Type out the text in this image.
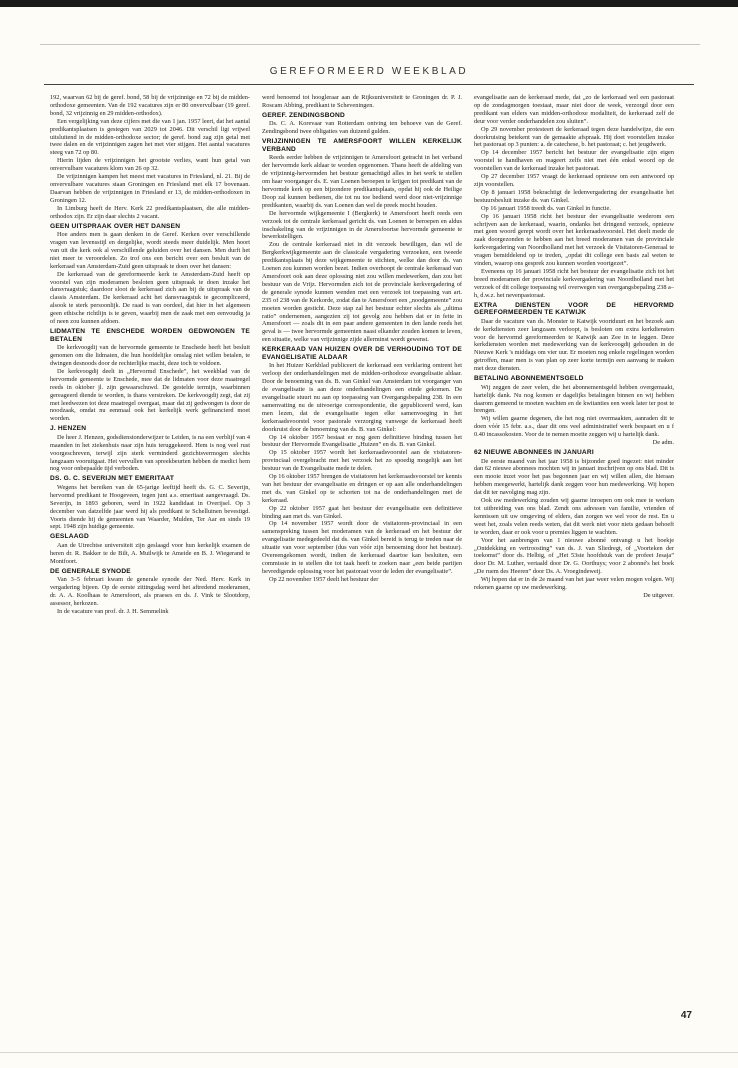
GEREFORMEERD WEEKBLAD

192, waarvan 62 bij de geref. bond, 58 bij de vrijzinnige en 72 bij de midden-orthodoxe gemeenten. Van de 192 vacatures zijn er 80 onvervulbaar (19 geref. bond, 32 vrijzinnig en 29 midden-orthodox).

Een vergelijking van deze cijfers met die van 1 jan. 1957 leert, dat het aantal predikantsplaatsen is gestegen van 2029 tot 2046. Dit verschil ligt vrijwel uitsluitend in de midden-orthodoxe sector; de geref. bond zag zijn getal met twee dalen en de vrijzinnigen zagen het met vier stijgen. Het aantal vacatures steeg van 72 op 80.

Hierin lijden de vrijzinnigen het grootste verlies, want hun getal van onvervulbare vacatures klom van 26 op 32.

De vrijzinnigen kampen het meest met vacatures in Friesland, nl. 21. Bij de onvervulbare vacatures staan Groningen en Friesland met elk 17 bovenaan. Daarvan hebben de vrijzinnigen in Friesland er 13, de midden-orthodoxen in Groningen 12.

In Limburg heeft de Herv. Kerk 22 predikantsplaatsen, die alle midden-orthodox zijn. Er zijn daar slechts 2 vacant.

GEEN UITSPRAAK OVER HET DANSEN

Hoe anders men is gaan denken in de Geref. Kerken over verschillende vragen van levensstijl en dergelijke, wordt steeds meer duidelijk. Men hoort van uit die kerk ook al verschillende geluiden over het dansen. Men durft het niet meer te veroordelen. Zo trof ons een bericht over een besluit van de kerkeraad van Amsterdam-Zuid geen uitspraak te doen over het dansen:

De kerkeraad van de gereformeerde kerk te Amsterdam-Zuid heeft op voorstel van zijn moderamen besloten geen uitspraak te doen inzake het dansvraagstuk; daardoor sloot de kerkeraad zich aan bij de uitspraak van de classis Amsterdam. De kerkeraad acht het dansvraagstuk te gecompliceerd, alsook te sterk persoonlijk. De raad is van oordeel, dat hier in het algemeen geen ethische richtlijn is te geven, waarbij men de zaak met een eenvoudig ja of neen zou kunnen afdoen.

LIDMATEN TE ENSCHEDE WORDEN GEDWONGEN TE BETALEN

De kerkvoogdij van de hervormde gemeente te Enschede heeft het besluit genomen om die lidmaten, die hun hoofdelijke omslag niet willen betalen, te dwingen desnoods door de rechterlijke macht, deze toch te voldoen.

De kerkvoogdij deelt in „Hervormd Enschede”, het weekblad van de hervormde gemeente te Enschede, mee dat de lidmaten voor deze maatregel reeds in oktober jl. zijn gewaarschuwd. De gestelde termijn, waarbinnen gereageerd diende te worden, is thans verstreken. De kerkvoogdij zegt, dat zij met leedwezen tot deze maatregel overgaat, maar dat zij gedwongen is door de noodzaak, omdat nu eenmaal ook het kerkelijk werk gefinancierd moet worden.

J. HENZEN

De heer J. Henzen, godsdienstonderwijzer te Leiden, is na een verblijf van 4 maanden in het ziekenhuis naar zijn huis teruggekeerd. Hem is nog veel rust voorgeschreven, terwijl zijn sterk verminderd gezichtsvermogen slechts langzaam vooruitgaat. Het vervullen van spreekbeurten hebben de medici hem nog voor onbepaalde tijd verboden.

DS. G. C. SEVERIJN MET EMERITAAT

Wegens het bereiken van de 65-jarige leeftijd heeft ds. G. C. Severijn, hervormd predikant te Hoogeveen, tegen juni a.s. emeritaat aangevraagd. Ds. Severijn, in 1893 geboren, werd in 1922 kandidaat in Overijsel. Op 3 december van datzelfde jaar werd hij als predikant te Schelluinen bevestigd. Voorts diende hij de gemeenten van Waarder, Mulden, Ter Aar en sinds 19 sept. 1948 zijn huidige gemeente.

GESLAAGD

Aan de Utrechtse universiteit zijn geslaagd voor hun kerkelijk examen de heren dr. R. Bakker te de Bilt, A. Muilwijk te Ameide en B. J. Wiegerand te Montfoort.

DE GENERALE SYNODE

Van 3–5 februari kwam de generale synode der Ned. Herv. Kerk in vergadering bijeen. Op de eerste zittingsdag werd het aftredend moderamen, dr. A. A. Koolhaas te Amersfoort, als praeses en ds. J. Vink te Slootdorp, assessor, herkozen.

In de vacature van prof. dr. J. H. Semmelink

werd benoemd tot hoogleraar aan de Rijksuniversiteit te Groningen dr. P. J. Roscam Abbing, predikant te Scheveningen.

GEREF. ZENDINGSBOND

Ds. C. A. Korevaar van Rotterdam ontving ten behoeve van de Geref. Zendingsbond twee obligaties van duizend gulden.

VRIJZINNIGEN TE AMERSFOORT WILLEN KERKELIJK VERBAND

Reeds eerder hebben de vrijzinnigen te Amersfoort getracht in het verband der hervormde kerk aldaar te worden opgenomen. Thans heeft de afdeling van de vrijzinnig-hervormden het bestuur gemachtigd alles in het werk te stellen om haar voorganger ds. E. van Loenen beroepen te krijgen tot predikant van de hervormde kerk op een bijzondere predikantsplaats, opdat hij ook de Heilige Doop zal kunnen bedienen, die tot nu toe bediend werd door niet-vrijzinnige predikanten, waarbij ds. van Loenen dan wel de preek mocht houden.

De hervormde wijkgemeente I (Bergkerk) te Amersfoort heeft reeds een verzoek tot de centrale kerkeraad gericht ds. van Loenen te beroepen en aldus inschakeling van de vrijzinnigen in de Amersfoortse hervormde gemeente te bewerkstelligen.

Zou de centrale kerkeraad niet in dit verzoek bewilligen, dan wil de Bergkerkwijkgemeente aan de classicale vergadering verzoeken, een tweede predikantsplaats bij deze wijkgemeente te stichten, welke dan door ds. van Loenen zou kunnen worden bezet. Indien overhoopt de centrale kerkeraad van Amersfoort ook aan deze oplossing niet zou willen medewerken, dan zou het bestuur van de Vrijz. Hervormden zich tot de provinciale kerkvergadering of de generale synode kunnen wenden met een verzoek tot toepassing van art. 235 of 238 van de Kerkorde, zodat dan te Amersfoort een „noodgemeente” zou moeten worden gesticht. Deze stap zal het bestuur echter slechts als „ultima ratio” ondernemen, aangezien zij tot gevolg zou hebben dat er in feite in Amersfoort — zoals dit in een paar andere gemeenten in den lande reeds het geval is — twee hervormde gemeenten naast elkander zouden komen te leven, een situatie, welke van vrijzinnige zijde allerminst wordt gewenst.

KERKERAAD VAN HUIZEN OVER DE VERHOUDING TOT DE EVANGELISATIE ALDAAR

In het Huizer Kerkblad publiceert de kerkeraad een verklaring omtrent het verloop der onderhandelingen met de midden-orthodoxe evangelisatie aldaar. Door de benoeming van ds. B. van Ginkel van Amsterdam tot voorganger van de evangelisatie is aan deze onderhandelingen een einde gekomen. De evangelisatie stuurt nu aan op toepassing van Overgangsbepaling 238. In een samenvatting nu de uitvoerige correspondentie, die gepubliceerd werd, kan men lezen, dat de evangelisatie tegen elke samenvoeging in het kerkeraadsvoorstel voor pastorale verzorging vanwege de kerkeraad heeft doorkruist door de benoeming van ds. B. van Ginkel:

Op 14 oktober 1957 bestaat er nog geen definitieve binding tussen het bestuur der Hervormde Evangelisatie „Huizen” en ds. B. van Ginkel.

Op 15 oktober 1957 wordt het kerkeraadsvoorstel aan de visitatoren-provinciaal overgebracht met het verzoek het zo spoedig mogelijk aan het bestuur van de Evangelisatie mede te delen.

Op 16 oktober 1957 brengen de visitatoren het kerkeraadsvoorstel ter kennis van het bestuur der evangelisatie en dringen er op aan alle onderhandelingen met ds. van Ginkel op te schorten tot na de onderhandelingen met de kerkeraad.

Op 22 oktober 1957 gaat het bestuur der evangelisatie een definitieve binding aan met ds. van Ginkel.

Op 14 november 1957 wordt door de visitatoren-provinciaal in een samenspreking tussen het moderamen van de kerkeraad en het bestuur der evangelisatie medegedeeld dat ds. van Ginkel bereid is terug te treden naar de situatie van voor september (dus van vóór zijn benoeming door het bestuur). Overeengekomen wordt, indien de kerkeraad daartoe kan besluiten, een commissie in te stellen die tot taak heeft te zoeken naar „een beide partijen bevredigende oplossing voor het pastoraat voor de leden der evangelisatie”.

Op 22 november 1957 deelt het bestuur der

evangelisatie aan de kerkeraad mede, dat „zo de kerkeraad wel een pastoraat op de zondagmorgen toestaat, maar niet door de week, verzorgd door een predikant van elders van midden-orthodoxe modaliteit, de kerkeraad zelf de deur voor verder onderhandelen zou sluiten”.

Op 29 november protesteert de kerkeraad tegen deze handelwijze, die een doorkruising betekent van de gemaakte afspraak. Hij doet voorstellen inzake het pastoraat op 3 punten: a. de catechese, b. het pastoraat; c. het jeugdwerk.

Op 14 december 1957 bericht het bestuur der evangelisatie zijn eigen voorstel te handhaven en reageert zelfs niet met één enkel woord op de voorstellen van de kerkeraad inzake het pastoraat.

Op 27 december 1957 vraagt de kerkeraad opnieuw om een antwoord op zijn voorstellen.

Op 8 januari 1958 bekrachtigt de ledenvergadering der evangelisatie het bestuursbesluit inzake ds. van Ginkel.

Op 16 januari 1958 treedt ds. van Ginkel in functie.

Op 16 januari 1958 richt het bestuur der evangelisatie wederom een schrijven aan de kerkeraad, waarin, ondanks het dringend verzoek, opnieuw met geen woord gerept wordt over het kerkeraadsvoorstel. Het deelt mede de zaak doorgezonden te hebben aan het breed moderamen van de provinciale kerkvergadering van Noordholland met het verzoek de Visitatoren-Generaal te vragen bemiddelend op te treden, „opdat dit college een basis zal weten te vinden, waarop ons gesprek zou kunnen worden voortgezet”.

Eveneens op 16 januari 1958 richt het bestuur der evangelisatie zich tot het breed moderamen der provinciale kerkvergadering van Noordholland met het verzoek of dit college toepassing wil overwegen van overgangsbepaling 238 a–h, d.w.z. het nevenpastoraat.

EXTRA DIENSTEN VOOR DE HERVORMD GEREFORMEERDEN TE KATWIJK

Daar de vacature van ds. Monster te Katwijk voortduurt en het bezoek aan de kerkdiensten zeer langzaam verloopt, is besloten om extra kerkdiensten voor de hervormd gereformeerden te Katwijk aan Zee in te leggen. Deze kerkdiensten worden met medewerking van de kerkvoogdij gehouden in de Nieuwe Kerk 's middags om vier uur. Er moeten nog enkele regelingen worden getroffen, maar men is van plan op zeer korte termijn een aanvang te maken met deze diensten.

BETALING ABONNEMENTSGELD

Wij zeggen de zeer velen, die het abonnementsgeld hebben overgemaakt, hartelijk dank. Nu nog komen er dagelijks betalingen binnen en wij hebben daarom gemeend te moeten wachten en de kwitanties een week later ter post te brengen.

Wij willen gaarne degenen, die het nog niet overmaakten, aanraden dit te doen vóór 15 febr. a.s., daar dit ons veel administratief werk bespaart en u f 0.40 incassokosten. Voor de te nemen moeite zeggen wij u hartelijk dank.

De adm.

62 NIEUWE ABONNEES IN JANUARI

De eerste maand van het jaar 1958 is bijzonder goed ingezet: niet minder dan 62 nieuwe abonnees mochten wij in januari inschrijven op ons blad. Dit is een mooie inzet voor het pas begonnen jaar en wij willen allen, die hieraan hebben meegewerkt, hartelijk dank zeggen voor hun medewerking. Wij hopen dat dit ter navolging mag zijn.

Ook uw medewerking zouden wij gaarne inroepen om ook mee te werken tot uitbreiding van ons blad. Zendt ons adressen van familie, vrienden of kennissen uit uw omgeving of elders, dan zorgen we wel voor de rest. En u weet het, zoals velen reeds weten, dat dit werk niet voor niets gedaan behoeft te worden, daar er ook voor u premies liggen te wachten.

Voor het aanbrengen van 1 nieuwe abonné ontvangt u het boekje „Ontdekking en vertroosting” van ds. J. van Sliedregt, of „Voorteken der toekomst” door ds. Helbig, of „Het 53ste hoofdstuk van de profeet Jesaja” door Dr. M. Luther, vertaald door Dr. G. Oorthuys; voor 2 abonné's het boek „De ruem des Heeren” door Ds. A. Vroegindeweij.

Wij hopen dat er in de 2e maand van het jaar weer velen mogen volgen. Wij rekenen gaarne op uw medewerking.

De uitgever.

47
